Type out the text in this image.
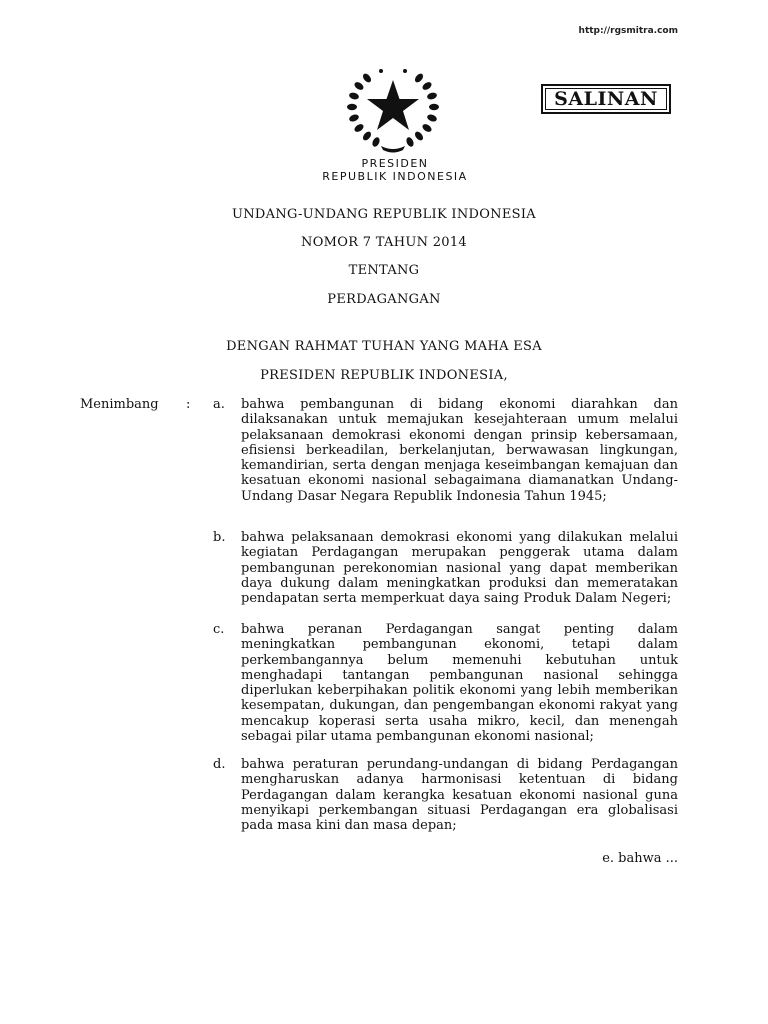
http://rgsmitra.com
SALINAN
PRESIDEN
REPUBLIK INDONESIA
UNDANG-UNDANG REPUBLIK INDONESIA
NOMOR 7 TAHUN 2014
TENTANG
PERDAGANGAN
DENGAN RAHMAT TUHAN YANG MAHA ESA
PRESIDEN REPUBLIK INDONESIA,
Menimbang : a. bahwa pembangunan di bidang ekonomi diarahkan dan dilaksanakan untuk memajukan kesejahteraan umum melalui pelaksanaan demokrasi ekonomi dengan prinsip kebersamaan, efisiensi berkeadilan, berkelanjutan, berwawasan lingkungan, kemandirian, serta dengan menjaga keseimbangan kemajuan dan kesatuan ekonomi nasional sebagaimana diamanatkan Undang-Undang Dasar Negara Republik Indonesia Tahun 1945;
b. bahwa pelaksanaan demokrasi ekonomi yang dilakukan melalui kegiatan Perdagangan merupakan penggerak utama dalam pembangunan perekonomian nasional yang dapat memberikan daya dukung dalam meningkatkan produksi dan memeratakan pendapatan serta memperkuat daya saing Produk Dalam Negeri;
c. bahwa peranan Perdagangan sangat penting dalam meningkatkan pembangunan ekonomi, tetapi dalam perkembangannya belum memenuhi kebutuhan untuk menghadapi tantangan pembangunan nasional sehingga diperlukan keberpihakan politik ekonomi yang lebih memberikan kesempatan, dukungan, dan pengembangan ekonomi rakyat yang mencakup koperasi serta usaha mikro, kecil, dan menengah sebagai pilar utama pembangunan ekonomi nasional;
d. bahwa peraturan perundang-undangan di bidang Perdagangan mengharuskan adanya harmonisasi ketentuan di bidang Perdagangan dalam kerangka kesatuan ekonomi nasional guna menyikapi perkembangan situasi Perdagangan era globalisasi pada masa kini dan masa depan;
e. bahwa ...
